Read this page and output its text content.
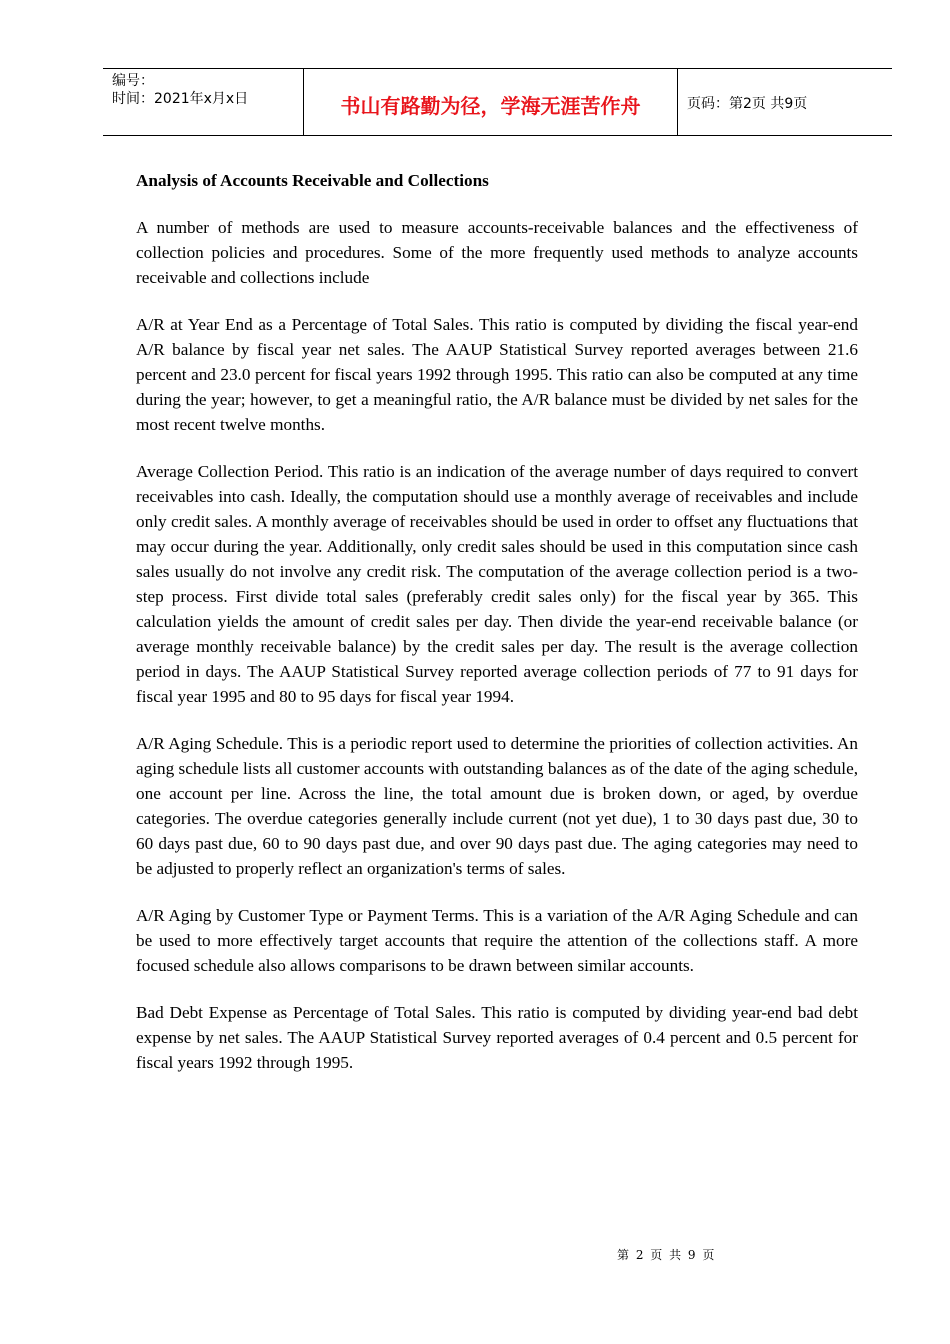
编号：
时间：2021年x月x日	书山有路勤为径，学海无涯苦作舟	页码：第2页 共9页
Analysis of Accounts Receivable and Collections

A number of methods are used to measure accounts-receivable balances and the effectiveness of collection policies and procedures. Some of the more frequently used methods to analyze accounts receivable and collections include

A/R at Year End as a Percentage of Total Sales. This ratio is computed by dividing the fiscal year-end A/R balance by fiscal year net sales. The AAUP Statistical Survey reported averages between 21.6 percent and 23.0 percent for fiscal years 1992 through 1995. This ratio can also be computed at any time during the year; however, to get a meaningful ratio, the A/R balance must be divided by net sales for the most recent twelve months.

Average Collection Period. This ratio is an indication of the average number of days required to convert receivables into cash. Ideally, the computation should use a monthly average of receivables and include only credit sales. A monthly average of receivables should be used in order to offset any fluctuations that may occur during the year. Additionally, only credit sales should be used in this computation since cash sales usually do not involve any credit risk. The computation of the average collection period is a two-step process. First divide total sales (preferably credit sales only) for the fiscal year by 365. This calculation yields the amount of credit sales per day. Then divide the year-end receivable balance (or average monthly receivable balance) by the credit sales per day. The result is the average collection period in days. The AAUP Statistical Survey reported average collection periods of 77 to 91 days for fiscal year 1995 and 80 to 95 days for fiscal year 1994.

A/R Aging Schedule. This is a periodic report used to determine the priorities of collection activities. An aging schedule lists all customer accounts with outstanding balances as of the date of the aging schedule, one account per line. Across the line, the total amount due is broken down, or aged, by overdue categories. The overdue categories generally include current (not yet due), 1 to 30 days past due, 30 to 60 days past due, 60 to 90 days past due, and over 90 days past due. The aging categories may need to be adjusted to properly reflect an organization's terms of sales.

A/R Aging by Customer Type or Payment Terms. This is a variation of the A/R Aging Schedule and can be used to more effectively target accounts that require the attention of the collections staff. A more focused schedule also allows comparisons to be drawn between similar accounts.

Bad Debt Expense as Percentage of Total Sales. This ratio is computed by dividing year-end bad debt expense by net sales. The AAUP Statistical Survey reported averages of 0.4 percent and 0.5 percent for fiscal years 1992 through 1995.

第 2 页 共 9 页
